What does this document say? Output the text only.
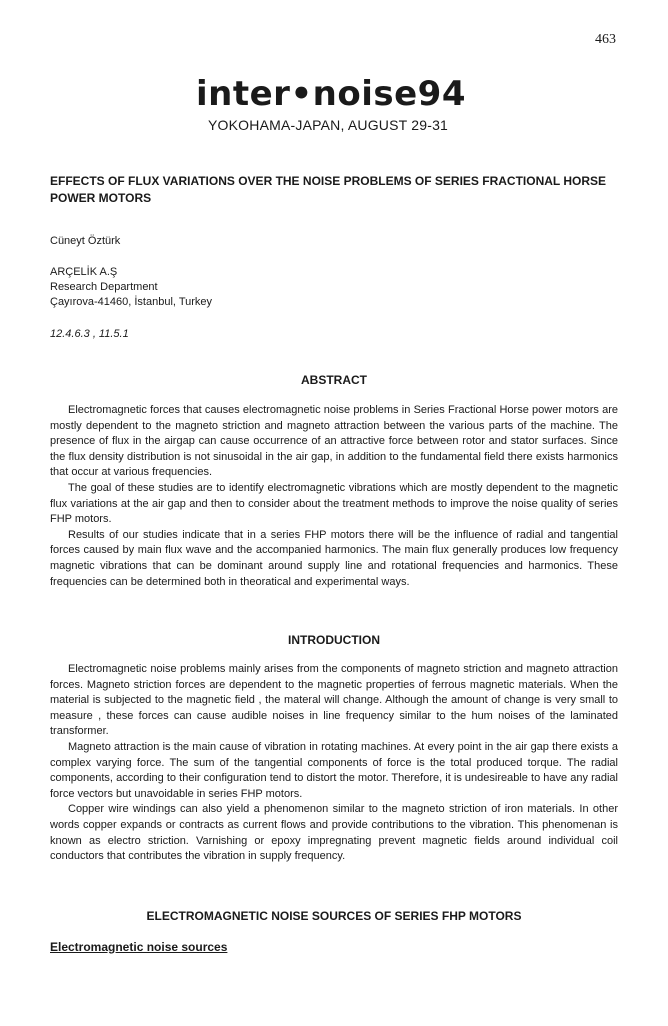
463
inter•noise94
YOKOHAMA-JAPAN, AUGUST 29-31
EFFECTS OF FLUX VARIATIONS OVER THE NOISE PROBLEMS OF SERIES FRACTIONAL HORSE POWER MOTORS
Cüneyt Öztürk
ARÇELİK A.Ş
Research Department
Çayırova-41460, İstanbul, Turkey
12.4.6.3 , 11.5.1
ABSTRACT

Electromagnetic forces that causes electromagnetic noise problems in Series Fractional Horse power motors are mostly dependent to the magneto striction and magneto attraction between the various parts of the machine. The presence of flux in the airgap can cause occurrence of an attractive force between rotor and stator surfaces. Since the flux density distribution is not sinusoidal in the air gap, in addition to the fundamental field there exists harmonics that occur at various frequencies.

The goal of these studies are to identify electromagnetic vibrations which are mostly dependent to the magnetic flux variations at the air gap and then to consider about the treatment methods to improve the noise quality of series FHP motors.

Results of our studies indicate that in a series FHP motors there will be the influence of radial and tangential forces caused by main flux wave and the accompanied harmonics. The main flux generally produces low frequency magnetic vibrations that can be dominant around supply line and rotational frequencies and harmonics. These frequencies can be determined both in theoratical and experimental ways.

INTRODUCTION

Electromagnetic noise problems mainly arises from the components of magneto striction and magneto attraction forces. Magneto striction forces are dependent to the magnetic properties of ferrous magnetic materials. When the material is subjected to the magnetic field , the materal will change. Although the amount of change is very small to measure , these forces can cause audible noises in line frequency similar to the hum noises of the laminated transformer.

Magneto attraction is the main cause of vibration in rotating machines. At every point in the air gap there exists a complex varying force. The sum of the tangential components of force is the total produced torque. The radial components, according to their configuration tend to distort the motor. Therefore, it is undesireable to have any radial force vectors but unavoidable in series FHP motors.

Copper wire windings can also yield a phenomenon similar to the magneto striction of iron materials. In other words copper expands or contracts as current flows and provide contributions to the vibration. This phenomenan is known as electro striction. Varnishing or epoxy impregnating prevent magnetic fields around individual coil conductors that contributes the vibration in supply frequency.

ELECTROMAGNETIC NOISE SOURCES OF SERIES FHP MOTORS
Electromagnetic noise sources
